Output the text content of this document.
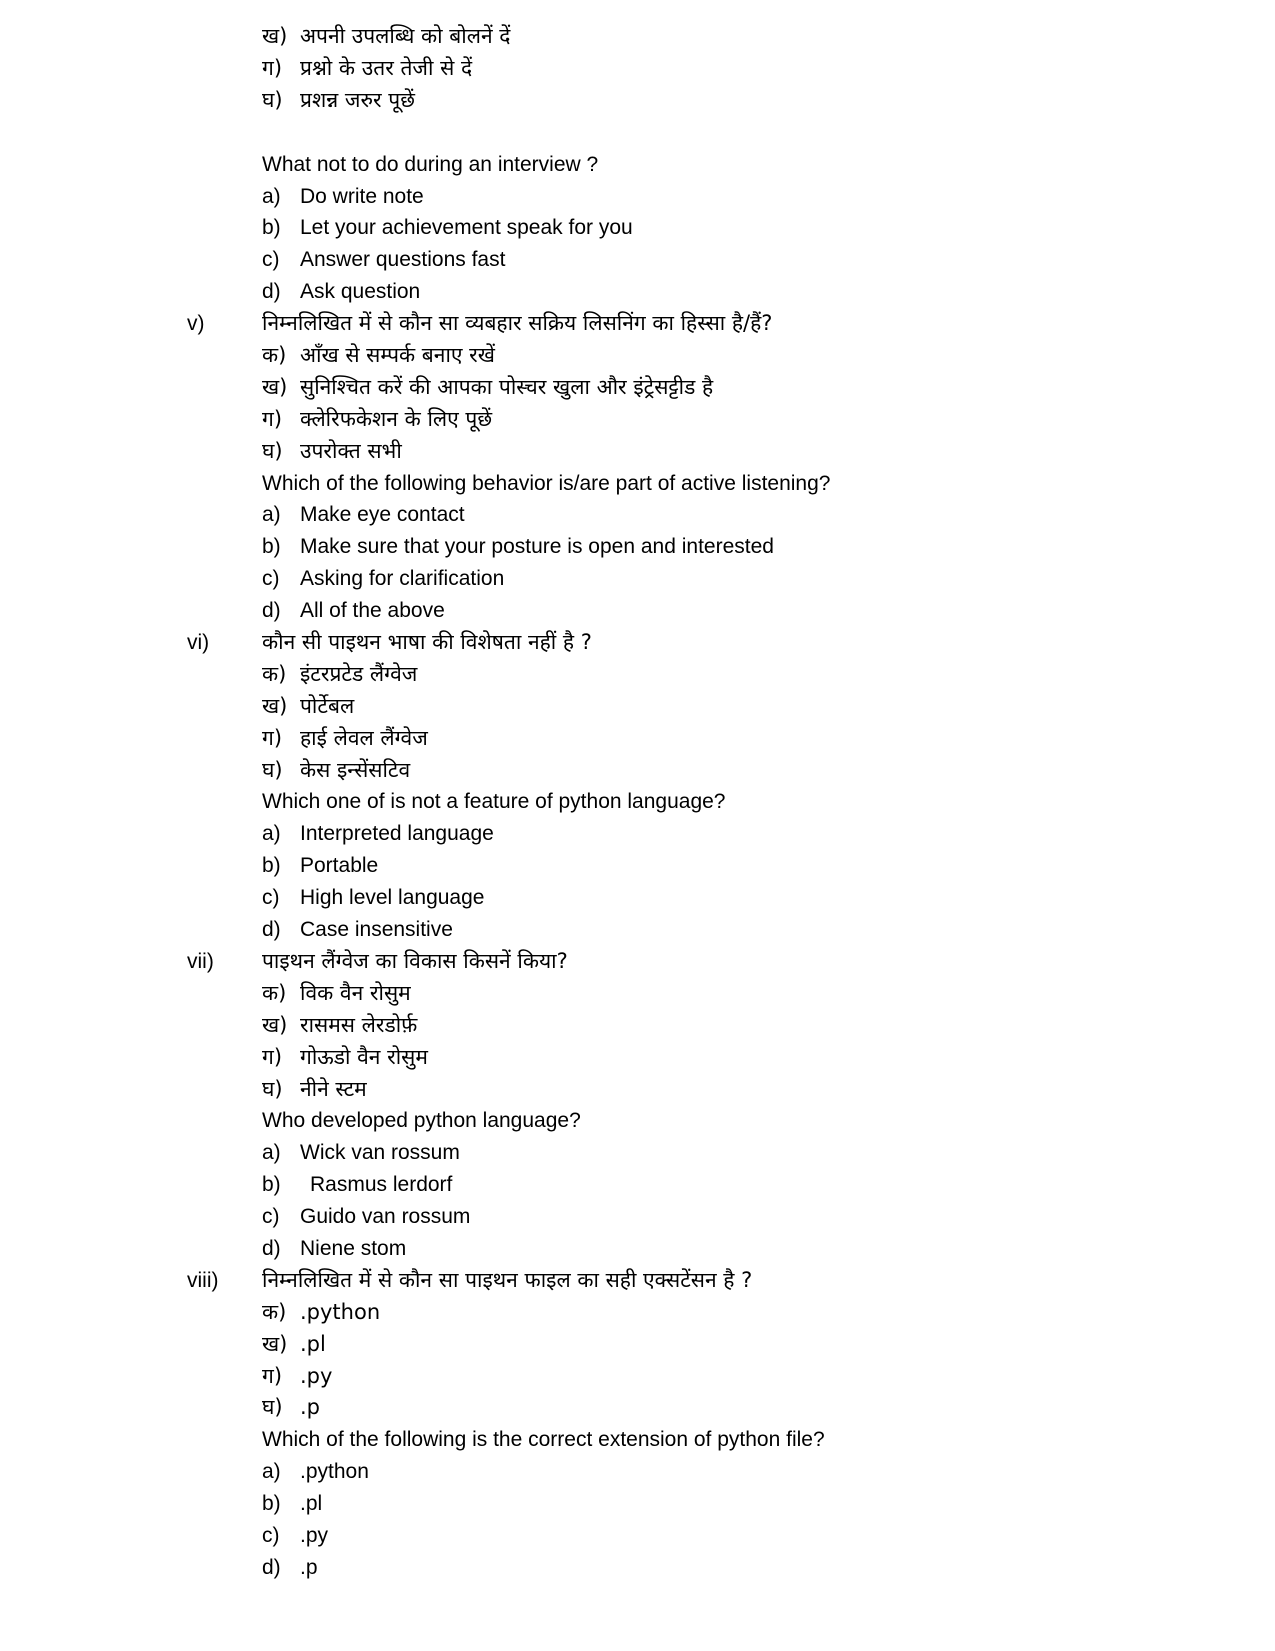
ख) अपनी उपलब्धि को बोलनें दें
ग) प्रश्नो के उतर तेजी से दें
घ) प्रशन्न जरुर पूछें
What not to do during an interview ?
a) Do write note
b) Let your achievement speak for you
c) Answer questions fast
d) Ask question
v)	निम्नलिखित में से कौन सा व्यबहार सक्रिय लिसनिंग का हिस्सा है/हैं?
क) आँख से सम्पर्क बनाए रखें
ख) सुनिश्चित करें की आपका पोस्चर खुला और इंट्रेसट्टीड है
ग) क्लेरिफकेशन के लिए पूछें
घ) उपरोक्त सभी
Which of the following behavior is/are part of active listening?
a) Make eye contact
b) Make sure that your posture is open and interested
c) Asking for clarification
d) All of the above
vi)	कौन सी पाइथन भाषा की विशेषता नहीं है ?
क) इंटरप्रटेड लैंग्वेज
ख) पोर्टेबल
ग) हाई लेवल लैंग्वेज
घ) केस इन्सेंसटिव
Which one of is not a feature of python language?
a) Interpreted language
b) Portable
c) High level language
d) Case insensitive
vii) पाइथन लैंग्वेज का विकास किसनें किया?
क) विक वैन रोसुम
ख) रासमस लेरडोर्फ़
ग) गोऊडो वैन रोसुम
घ) नीने स्टम
Who developed python language?
a) Wick van rossum
b) Rasmus lerdorf
c) Guido van rossum
d) Niene stom
viii) निम्नलिखित में से कौन सा पाइथन फाइल का सही एक्सटेंसन है ?
क) .python
ख) .pl
ग) .py
घ) .p
Which of the following is the correct extension of python file?
a) .python
b) .pl
c) .py
d) .p
